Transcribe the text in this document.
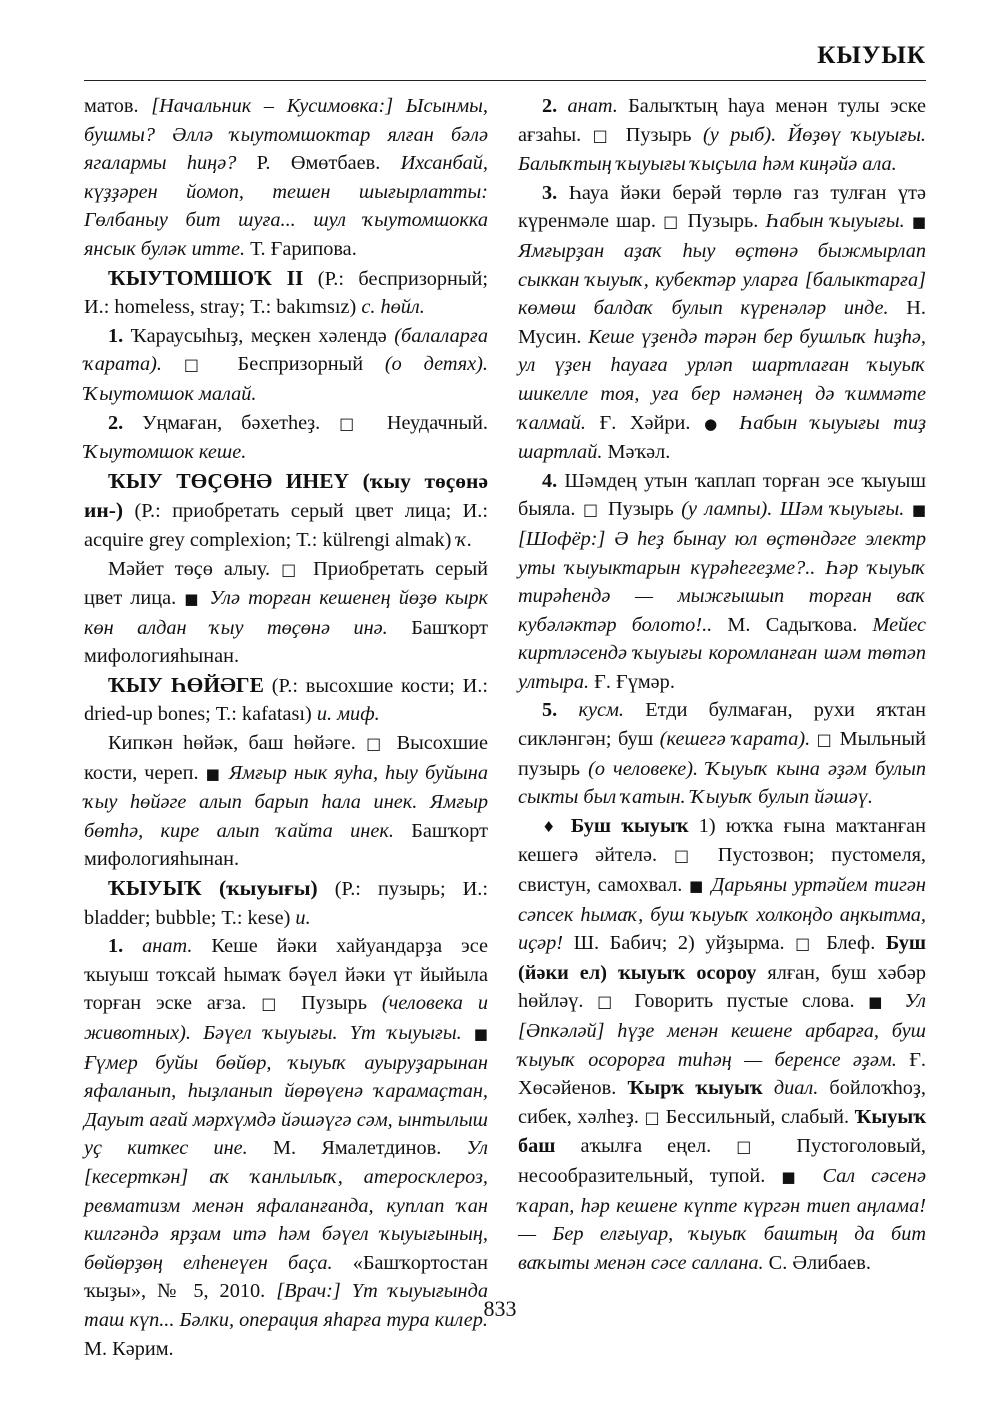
КЫУЫК

матов. [Начальник – Кусимовка:] Ысынмы, бушмы? Әллә ҡыутомшоктар ялған бәлә ягалармы һиңә? Р. Өмөтбаев. Ихсанбай, күҙҙәрен йомоп, тешен шығырлатты: Гөлбаныу бит шуға... шул ҡыутомшокка янсык буләк итте. Т. Ғарипова.

ҠЫУТОМШОҠ II (Р.: беспризорный; И.: homeless, stray; Т.: bakımsız) с. һөйл.

1. Ҡараусыһыҙ, меҫкен хәлендә (балаларға ҡарата). □ Беспризорный (о детях). Ҡыутомшок малай.

2. Уңмаған, бәхетһеҙ. □ Неудачный. Ҡыутомшок кеше.

ҠЫУ ТӨҪӨНӘ ИНЕҮ (ҡыу төҫөнә ин-) (Р.: приобретать серый цвет лица; И.: acquire grey complexion; Т.: külrengi almak) ҡ.

Мәйет төҫө алыу. □ Приобретать серый цвет лица. ■ Улә торған кешенең йөҙө кырк көн алдан ҡыу төҫөнә инә. Башҡорт мифологияһынан.

ҠЫУ ҺӨЙӘГЕ (Р.: высохшие кости; И.: dried-up bones; Т.: kafatası) и. миф.

Кипкән һөйәк, баш һөйәге. □ Высохшие кости, череп. ■ Ямғыр нык яуһа, һыу буйына ҡыу һөйәге алып барып һала инек. Ямғыр бөтһә, кире алып ҡайта инек. Башҡорт мифологияһынан.

ҠЫУЫҠ (ҡыуығы) (Р.: пузырь; И.: bladder; bubble; Т.: kese) и.

1. анат. Кеше йәки хайуандарҙа эсе ҡыуыш тоҡсай һымаҡ бәүел йәки үт йыйыла торған эске ағза. □ Пузырь (человека и животных). Бәүел ҡыуығы. Үт ҡыуығы. ■ Ғүмер буйы бөйөр, ҡыуыҡ ауыруҙарынан яфаланып, һыҙланып йөрөүенә ҡарамаҫтан, Дауыт ағай мәрхүмдә йәшәүгә сәм, ынтылыш уҫ киткес ине. М. Ямалетдинов. Ул [кесерткән] аҡ ҡанлылыҡ, атеросклероз, ревматизм менән яфаланғанда, куплап ҡан килгәндә ярҙам итә һәм бәүел ҡыуығының, бөйөрҙөң елһенеүен баҫа. «Башҡортостан ҡыҙы», № 5, 2010. [Врач:] Үт ҡыуығында таш күп... Бәлки, операция яһарға тура килер. М. Кәрим.

2. анат. Балыҡтың һауа менән тулы эске ағзаһы. □ Пузырь (у рыб). Йөҙөү ҡыуығы. Балыҡтың ҡыуығы ҡыҫыла һәм киңәйә ала.

3. Һауа йәки берәй төрлө газ тулған үтә күренмәле шар. □ Пузырь. Һабын ҡыуығы. ■ Ямғырҙан аҙаҡ һыу өҫтөнә быжмырлап сыккан ҡыуыҡ, кубектәр уларға [балыктарға] көмөш балдаҡ булып күренәләр инде. Н. Мусин. Кеше үҙендә тәрән бер бушлыҡ һиҙһә, ул үҙен һауаға урләп шартлаған ҡыуыҡ шикелле тоя, уға бер нәмәнең дә ҡиммәте ҡалмай. Ғ. Хәйри. ● Һабын ҡыуығы тиҙ шартлай. Мәҡәл.

4. Шәмдең утын ҡаплап торған эсе ҡыуыш быяла. □ Пузырь (у лампы). Шәм ҡыуығы. ■ [Шофёр:] Ә һеҙ бынау юл өҫтөндәге электр уты ҡыуыктарын күрәһегеҙме?.. Һәр ҡыуыҡ тирәһендә — мыжғышып торған ваҡ кубәләктәр болото!.. М. Садыҡова. Мейес киртләсендә ҡыуығы коромланған шәм төтәп ултыра. Ғ. Ғүмәр.

5. кусм. Етди булмаған, рухи яҡтан сикләнгән; буш (кешегә ҡарата). □ Мыльный пузырь (о человеке). Ҡыуыҡ кына әҙәм булып сыкты был ҡатын. Ҡыуыҡ булып йәшәү.

♦ Буш ҡыуыҡ 1) юҡҡа ғына маҡтанған кешегә әйтелә. □ Пустозвон; пустомеля, свистун, самохвал. ■ Дарьяны уртәйем тигән сәпсек һымаҡ, буш ҡыуыҡ холкоңдо аңкытма, иҫәр! Ш. Бабич; 2) уйҙырма. □ Блеф. Буш (йәки ел) ҡыуыҡ осороу ялған, буш хәбәр һөйләү. □ Говорить пустые слова. ■ Ул [Әпкәләй] һүҙе менән кешене арбарға, буш ҡыуыҡ осорорға тиһәң — беренсе әҙәм. Ғ. Хөсәйенов. Ҡырҡ ҡыуыҡ диал. бойлоҡһоҙ, сибек, хәлһеҙ. □ Бессильный, слабый. Ҡыуыҡ баш аҡылға еңел. □ Пустоголовый, несообразительный, тупой. ■ Сал сәсенә ҡарап, һәр кешене күпте күргән тиеп аңлама! — Бер елғыуар, ҡыуыҡ баштың да бит ваҡыты менән сәсе саллана. С. Әлибаев.

833
